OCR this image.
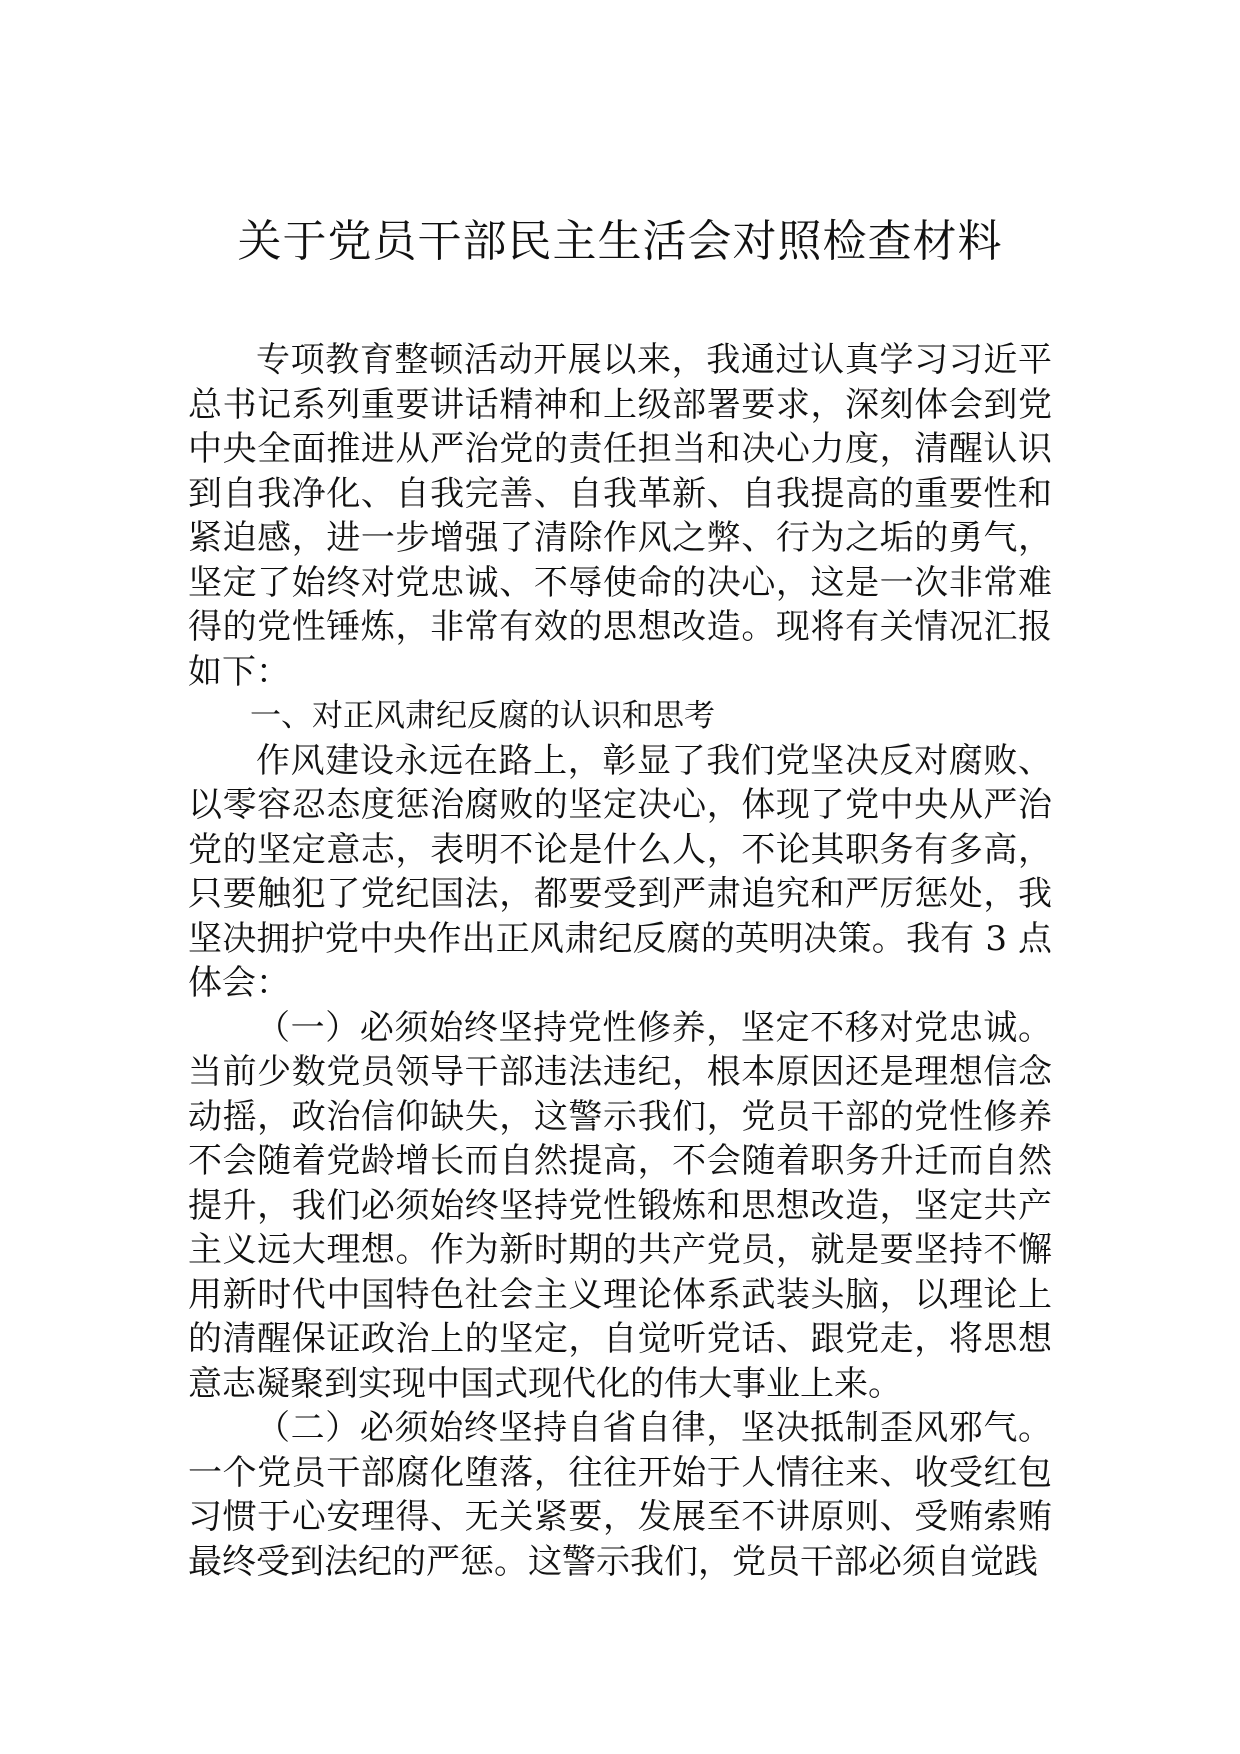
关于党员干部民主生活会对照检查材料

专项教育整顿活动开展以来，我通过认真学习习近平总书记系列重要讲话精神和上级部署要求，深刻体会到党中央全面推进从严治党的责任担当和决心力度，清醒认识到自我净化、自我完善、自我革新、自我提高的重要性和紧迫感，进一步增强了清除作风之弊、行为之垢的勇气，坚定了始终对党忠诚、不辱使命的决心，这是一次非常难得的党性锤炼，非常有效的思想改造。现将有关情况汇报如下：

一、对正风肃纪反腐的认识和思考

作风建设永远在路上，彰显了我们党坚决反对腐败、以零容忍态度惩治腐败的坚定决心，体现了党中央从严治党的坚定意志，表明不论是什么人，不论其职务有多高，只要触犯了党纪国法，都要受到严肃追究和严厉惩处，我坚决拥护党中央作出正风肃纪反腐的英明决策。我有 3 点体会：

（一）必须始终坚持党性修养，坚定不移对党忠诚。当前少数党员领导干部违法违纪，根本原因还是理想信念动摇，政治信仰缺失，这警示我们，党员干部的党性修养不会随着党龄增长而自然提高，不会随着职务升迁而自然提升，我们必须始终坚持党性锻炼和思想改造，坚定共产主义远大理想。作为新时期的共产党员，就是要坚持不懈用新时代中国特色社会主义理论体系武装头脑，以理论上的清醒保证政治上的坚定，自觉听党话、跟党走，将思想意志凝聚到实现中国式现代化的伟大事业上来。

（二）必须始终坚持自省自律，坚决抵制歪风邪气。一个党员干部腐化堕落，往往开始于人情往来、收受红包习惯于心安理得、无关紧要，发展至不讲原则、受贿索贿最终受到法纪的严惩。这警示我们，党员干部必须自觉践
